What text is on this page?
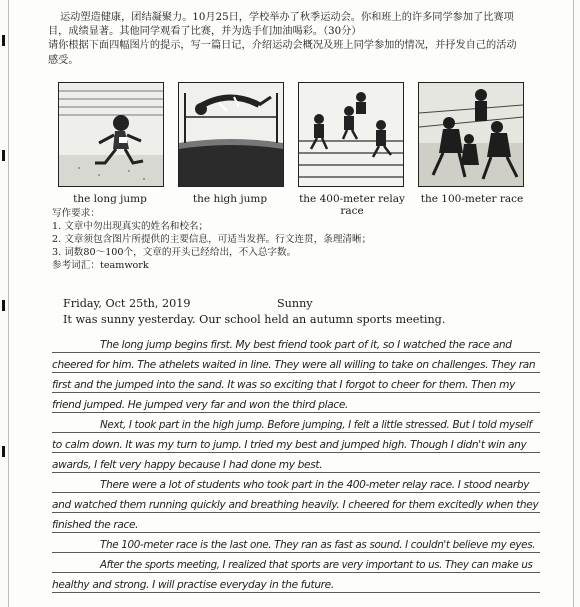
运动塑造健康，团结凝聚力。10月25日，学校举办了秋季运动会。你和班上的许多同学参加了比赛项

目，成绩显著。其他同学观看了比赛，并为选手们加油喝彩。（30分）

请你根据下面四幅图片的提示，写一篇日记，介绍运动会概况及班上同学参加的情况，并抒发自己的活动

感受。

the long jump	the high jump	the 400-meter relay race
the 100-meter race
写作要求：
1. 文章中勿出现真实的姓名和校名；
2. 文章须包含图片所提供的主要信息，可适当发挥。行文连贯，条理清晰；
3. 词数80～100个，文章的开头已经给出，不入总字数。
参考词汇：teamwork
Friday, Oct 25th, 2019	Sunny
It was sunny yesterday. Our school held an autumn sports meeting.
The long jump begins first. My best friend took part of it, so I watched the race and
cheered for him. The athelets waited in line. They were all willing to take on challenges. They ran
first and the jumped into the sand. It was so exciting that I forgot to cheer for them. Then my
friend jumped. He jumped very far and won the third place.
Next, I took part in the high jump. Before jumping, I felt a little stressed. But I told myself
to calm down. It was my turn to jump. I tried my best and jumped high. Though I didn't win any
awards, I felt very happy because I had done my best.
There were a lot of students who took part in the 400-meter relay race. I stood nearby
and watched them running quickly and breathing heavily. I cheered for them excitedly when they
finished the race.
The 100-meter race is the last one. They ran as fast as sound. I couldn't believe my eyes.
After the sports meeting, I realized that sports are very important to us. They can make us
healthy and strong. I will practise everyday in the future.
